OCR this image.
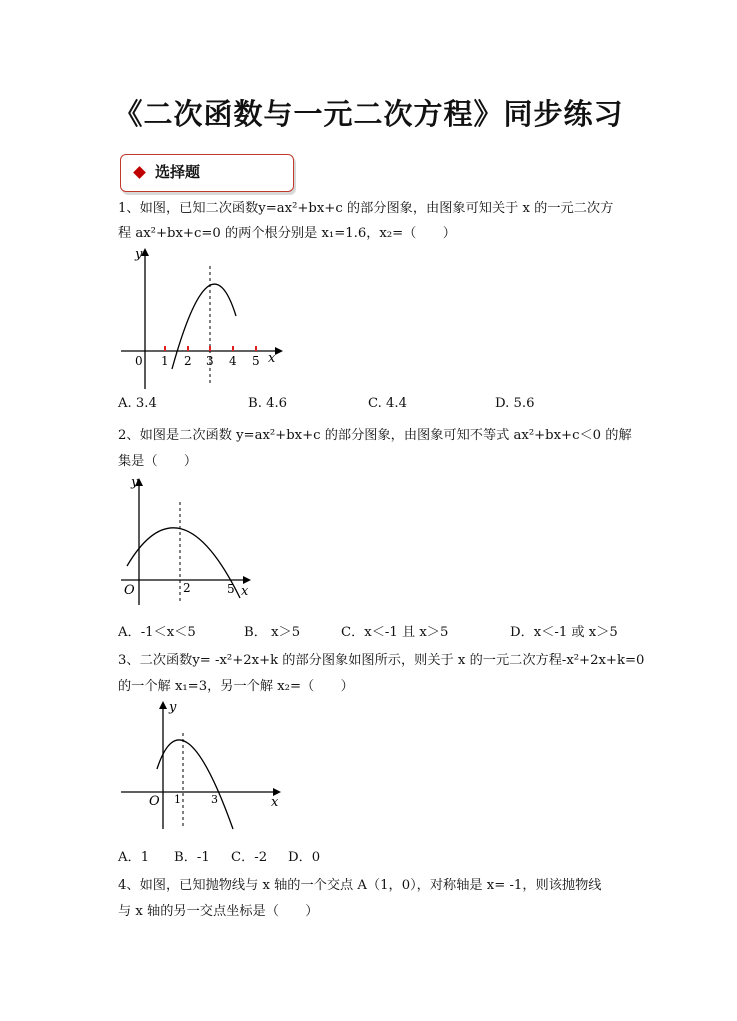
《二次函数与一元二次方程》同步练习
选择题
1、如图，已知二次函数y=ax²+bx+c 的部分图象，由图象可知关于 x 的一元二次方
程 ax²+bx+c=0 的两个根分别是 x₁=1.6，x₂=（　　）
y
x
0 1 2 3 4 5
A. 3.4	B. 4.6	C. 4.4	D. 5.6
2、如图是二次函数 y=ax²+bx+c 的部分图象，由图象可知不等式 ax²+bx+c＜0 的解
集是（　　）
y
x
O	2	5
A．-1＜x＜5	B． x＞5	C．x＜-1 且 x＞5	D．x＜-1 或 x＞5
3、二次函数y= -x²+2x+k 的部分图象如图所示，则关于 x 的一元二次方程-x²+2x+k=0
的一个解 x₁=3，另一个解 x₂=（　　）
y
x
O 1	3
A．1 B．-1 C．-2 D．0
4、如图，已知抛物线与 x 轴的一个交点 A（1，0），对称轴是 x= -1，则该抛物线
与 x 轴的另一交点坐标是（　　）
